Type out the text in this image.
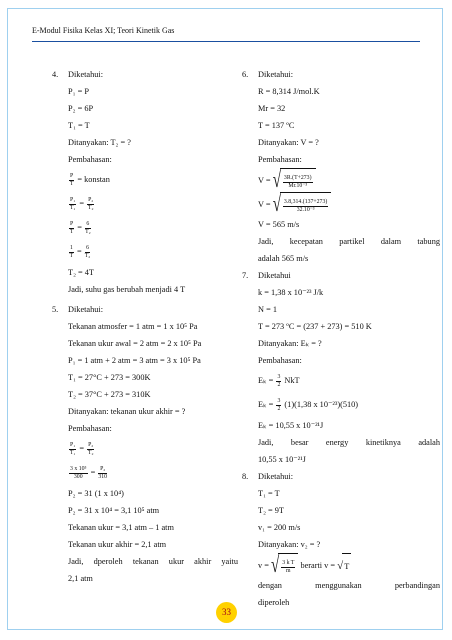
E-Modul Fisika Kelas XI; Teori Kinetik Gas
4. Diketahui:
P₁ = P
P₂ = 6P
T₁ = T
Ditanyakan: T₂ = ?
Pembahasan:
$\frac{P}{T}$ = konstan
$\frac{\text{P₁}}{\text{T₁}} = \frac{\text{P₂}}{\text{T₂}}$
$\frac{P}{T} = \frac{6}{\text{T₂}}$
$\frac{1}{T} = \frac{6}{\text{T₂}}$
T₂ = 4T
Jadi, suhu gas berubah menjadi 4 T
5. Diketahui:
Tekanan atmosfer = 1 atm = 1 x 10⁵ Pa
Tekanan ukur awal = 2 atm = 2 x 10⁵ Pa
P₁ = 1 atm + 2 atm = 3 atm = 3 x 10⁵ Pa
T₁ = 27°C + 273 = 300K
T₂ = 37°C + 273 = 310K
Ditanyakan: tekanan ukur akhir = ?
Pembahasan:
$\frac{\text{P₁}}{\text{T₁}} = \frac{\text{P₂}}{\text{T₂}}$
$\frac{\text{3 x 10⁵}}{300} = \frac{\text{P₂}}{310}$
P₂ = 31 (1 x 10⁴)
P₂ = 31 x 10⁴ = 3,1 10⁵ atm
Tekanan ukur = 3,1 atm – 1 atm
Tekanan ukur akhir = 2,1 atm
Jadi, dperoleh tekanan ukur akhir yaitu
2,1 atm
6. Diketahui:
R = 8,314 J/mol.K
Mr = 32
T = 137 ºC
Ditanyakan: V = ?
Pembahasan:
V = √ $\frac{3R.(T+273)}{\text{Mr.10⁻³}}$
V = √ $\frac{3.8,314.(137+273)}{\text{32.10⁻³}}$
V = 565 m/s
Jadi, kecepatan partikel dalam tabung
adalah 565 m/s
7. Diketahui
k = 1,38 x 10⁻²³ J/k
N = 1
T = 273 ºC = (237 + 273) = 510 K
Ditanyakan: Eₖ = ?
Pembahasan:
$E_k = \frac{3}{2}$ NkT
$E_k = \frac{3}{2} (1)(1,38$ x 10⁻²³)(510)
Eₖ = 10,55 x 10⁻²¹J
Jadi, besar energy kinetiknya adalah
10,55 x 10⁻²¹J
8. Diketahui:
T₁ = T
T₂ = 9T
v₁ = 200 m/s
Ditanyakan: v₂ = ?
v = √ $\frac{\text{3 k T}}{m}$ berarti v = √ T
dengan menggunakan perbandingan
diperoleh
33
